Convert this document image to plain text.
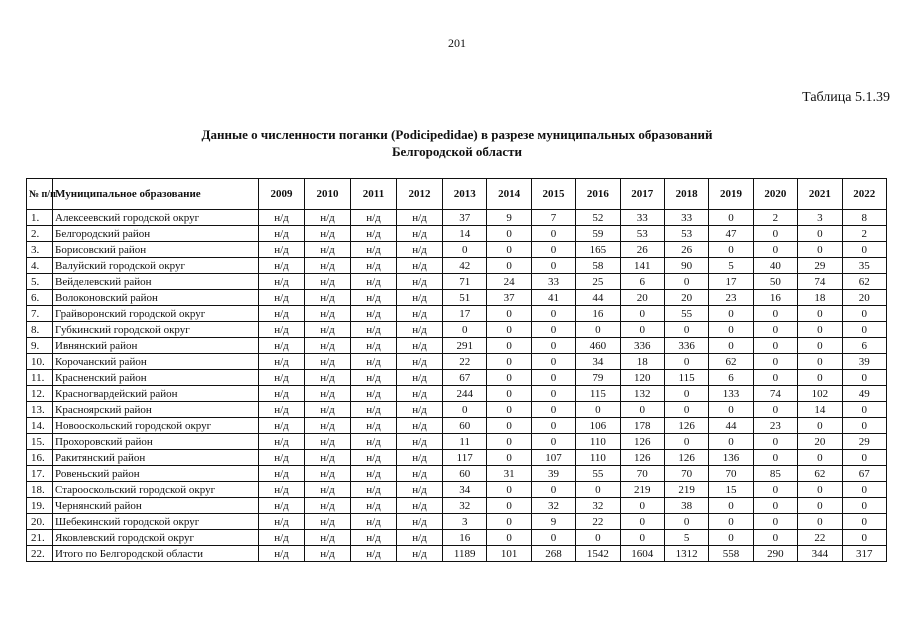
201
Таблица 5.1.39
Данные о численности поганки (Podicipedidae) в разрезе муниципальных образований
Белгородской области
№ п/п	Муниципальное образование	2009	2010	2011	2012	2013	2014	2015	2016	2017	2018	2019	2020	2021	2022
1.	Алексеевский городской округ	н/д	н/д	н/д	н/д	37	9	7	52	33	33	0	2	3	8
2.	Белгородский район	н/д	н/д	н/д	н/д	14	0	0	59	53	53	47	0	0	2
3.	Борисовский район	н/д	н/д	н/д	н/д	0	0	0	165	26	26	0	0	0	0
4.	Валуйский городской округ	н/д	н/д	н/д	н/д	42	0	0	58	141	90	5	40	29	35
5.	Вейделевский район	н/д	н/д	н/д	н/д	71	24	33	25	6	0	17	50	74	62
6.	Волоконовский район	н/д	н/д	н/д	н/д	51	37	41	44	20	20	23	16	18	20
7.	Грайворонский городской округ	н/д	н/д	н/д	н/д	17	0	0	16	0	55	0	0	0	0
8.	Губкинский городской округ	н/д	н/д	н/д	н/д	0	0	0	0	0	0	0	0	0	0
9.	Ивнянский район	н/д	н/д	н/д	н/д	291	0	0	460	336	336	0	0	0	6
10.	Корочанский район	н/д	н/д	н/д	н/д	22	0	0	34	18	0	62	0	0	39
11.	Красненский район	н/д	н/д	н/д	н/д	67	0	0	79	120	115	6	0	0	0
12.	Красногвардейский район	н/д	н/д	н/д	н/д	244	0	0	115	132	0	133	74	102	49
13.	Красноярский район	н/д	н/д	н/д	н/д	0	0	0	0	0	0	0	0	14	0
14.	Новооскольский городской округ	н/д	н/д	н/д	н/д	60	0	0	106	178	126	44	23	0	0
15.	Прохоровский район	н/д	н/д	н/д	н/д	11	0	0	110	126	0	0	0	20	29
16.	Ракитянский район	н/д	н/д	н/д	н/д	117	0	107	110	126	126	136	0	0	0
17.	Ровеньский район	н/д	н/д	н/д	н/д	60	31	39	55	70	70	70	85	62	67
18.	Старооскольский городской округ	н/д	н/д	н/д	н/д	34	0	0	0	219	219	15	0	0	0
19.	Чернянский район	н/д	н/д	н/д	н/д	32	0	32	32	0	38	0	0	0	0
20.	Шебекинский городской округ	н/д	н/д	н/д	н/д	3	0	9	22	0	0	0	0	0	0
21.	Яковлевский городской округ	н/д	н/д	н/д	н/д	16	0	0	0	0	5	0	0	22	0
22.	Итого по Белгородской области	н/д	н/д	н/д	н/д	1189	101	268	1542	1604	1312	558	290	344	317
